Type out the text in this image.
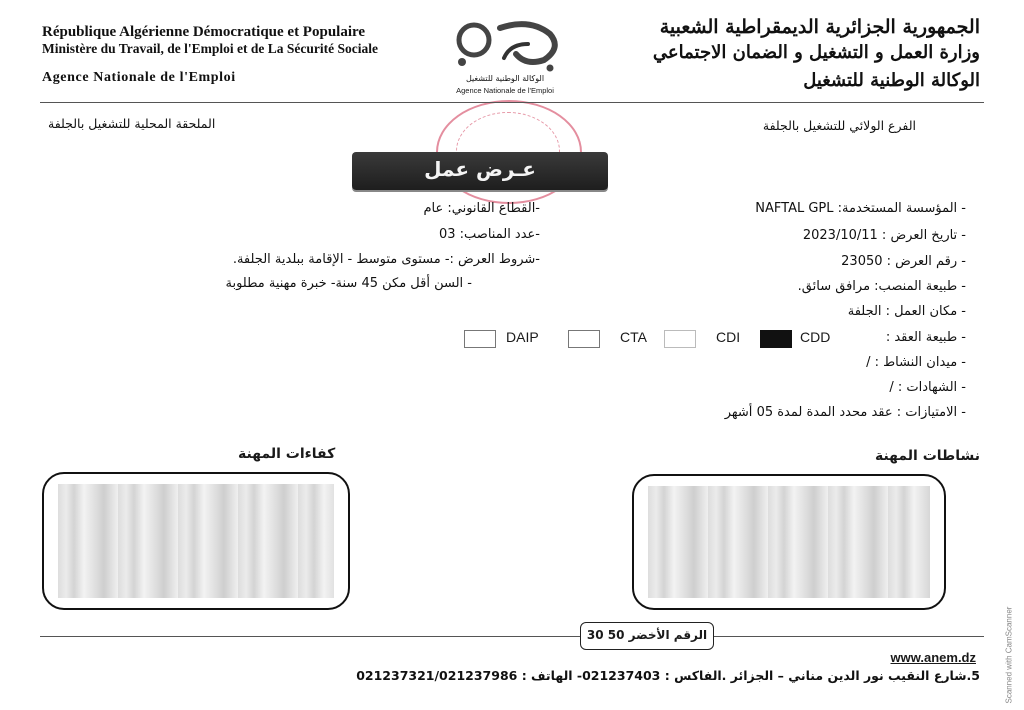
République Algérienne Démocratique et Populaire
Ministère du Travail, de l'Emploi et de La Sécurité Sociale
Agence Nationale de l'Emploi	الوكالة الوطنية للتشغيل
Agence Nationale de l'Emploi
الجمهورية الجزائرية الديمقراطية الشعبية
وزارة العمل و التشغيل و الضمان الاجتماعي
الوكالة الوطنية للتشغيل
الملحقة المحلية للتشغيل بالجلفة	الفرع الولائي للتشغيل بالجلفة
عـرض عمل
- المؤسسة المستخدمة: NAFTAL GPL
- تاريخ العرض : 2023/10/11
- رقم العرض : 23050
- طبيعة المنصب: مرافق سائق.
- مكان العمل : الجلفة
- طبيعة العقد :
- ميدان النشاط : /
- الشهادات : /
- الامتيازات : عقد محدد المدة لمدة 05 أشهر
-القطاع القانوني: عام
-عدد المناصب: 03
-شروط العرض :- مستوى متوسط - الإقامة ببلدية الجلفة.
- السن أقل مكن 45 سنة- خبرة مهنية مطلوبة
DAIP	CTA	CDI	CDD
كفاءات المهنة	نشاطات المهنة
الرقم الأخضر 50 30
www.anem.dz
5.شارع النقيب نور الدين مناني – الجزائر .الفاكس : 021237403- الهاتف : 021237321/021237986	Scanned with CamScanner
